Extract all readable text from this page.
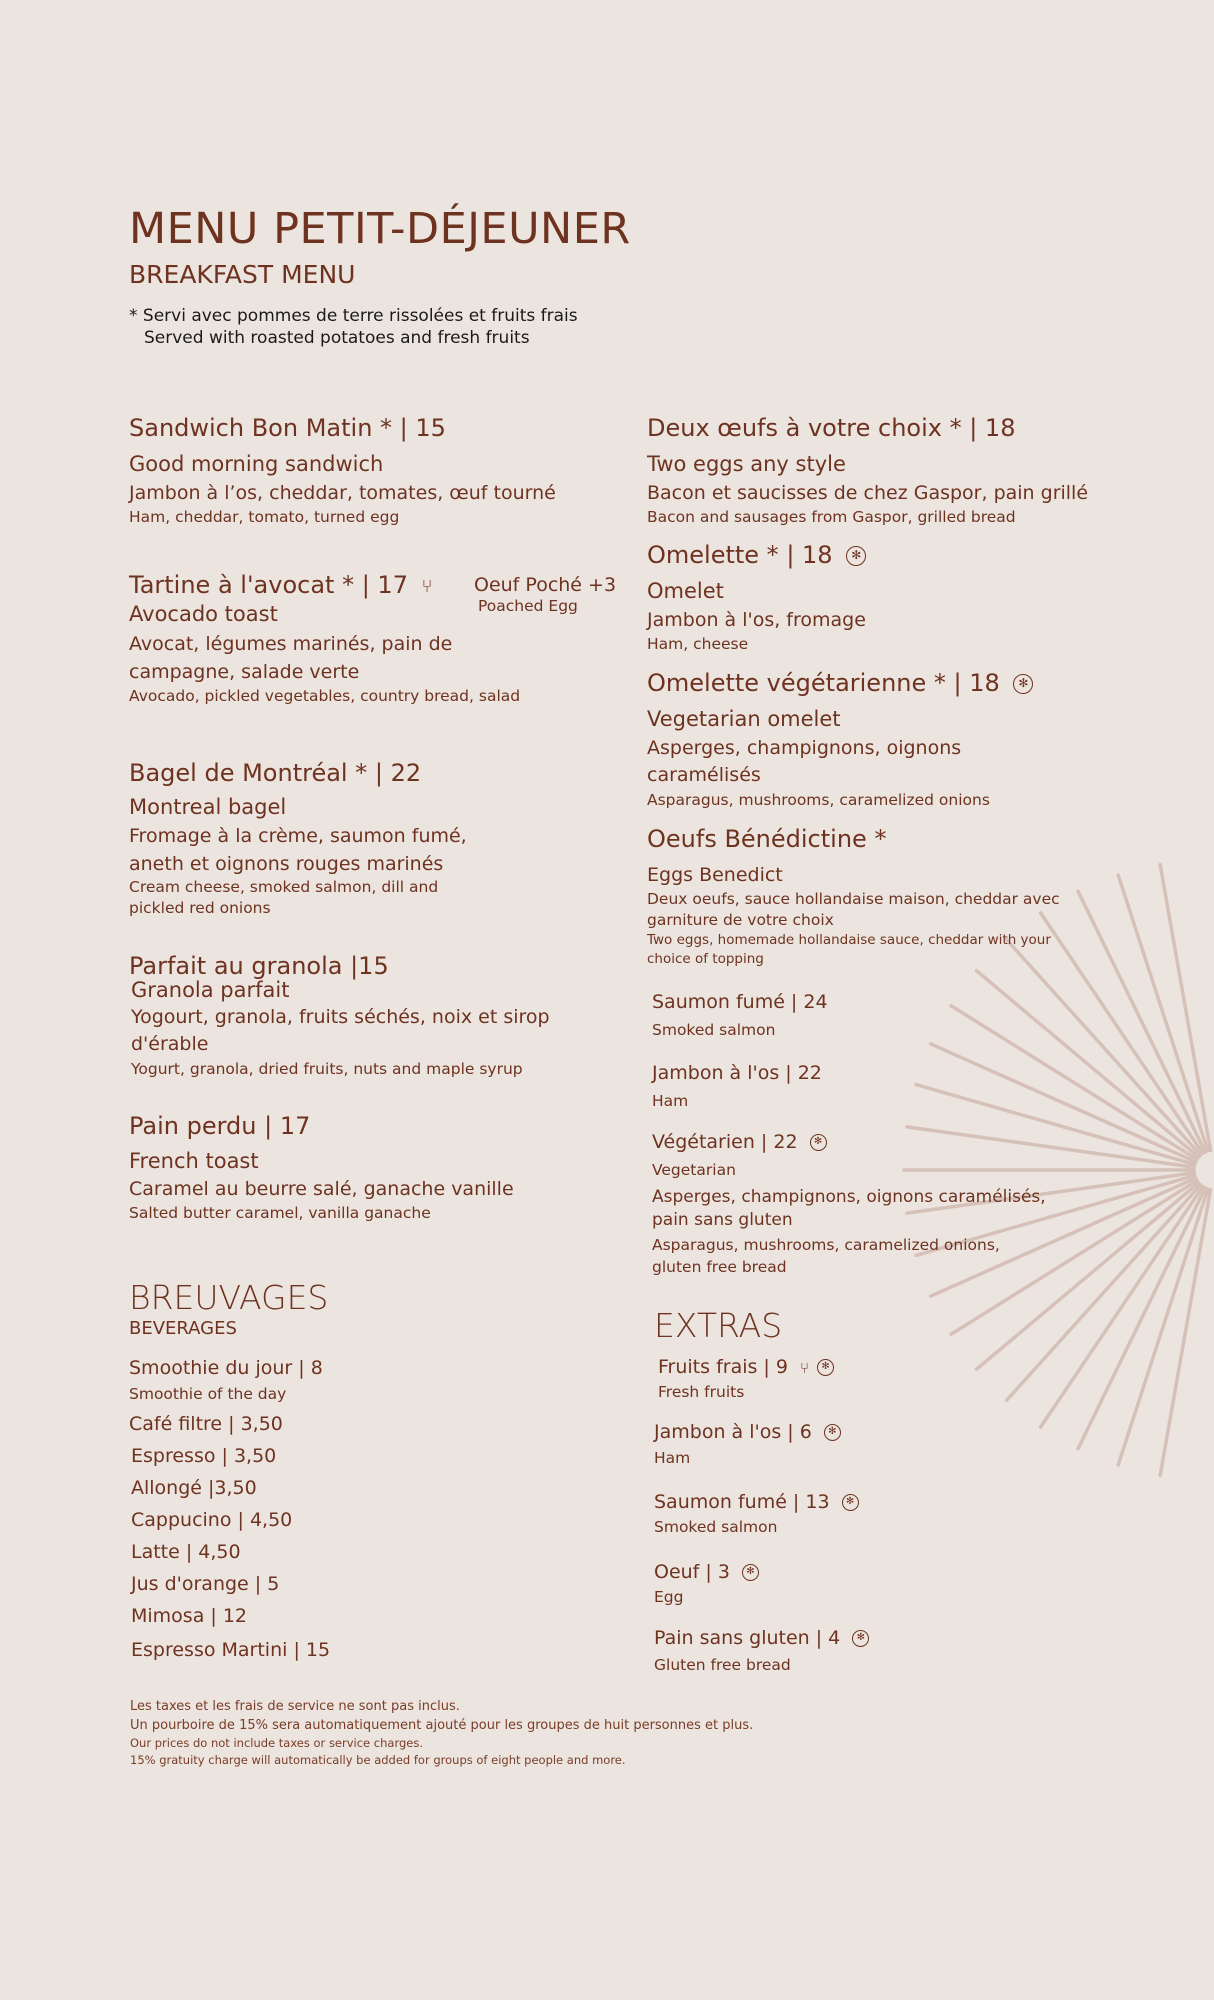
MENU PETIT-DÉJEUNER
BREAKFAST MENU
* Servi avec pommes de terre rissolées et fruits frais
Served with roasted potatoes and fresh fruits
Sandwich Bon Matin * | 15
Good morning sandwich
Jambon à l’os, cheddar, tomates, œuf tourné
Ham, cheddar, tomato, turned egg
Tartine à l'avocat * | 17 ⑂ Oeuf Poché +3
Poached Egg
Avocado toast
Avocat, légumes marinés, pain de
campagne, salade verte
Avocado, pickled vegetables, country bread, salad
Bagel de Montréal * | 22
Montreal bagel
Fromage à la crème, saumon fumé,
aneth et oignons rouges marinés
Cream cheese, smoked salmon, dill and
pickled red onions
Parfait au granola |15
Granola parfait
Yogourt, granola, fruits séchés, noix et sirop
d'érable
Yogurt, granola, dried fruits, nuts and maple syrup
Pain perdu | 17
French toast
Caramel au beurre salé, ganache vanille
Salted butter caramel, vanilla ganache
BREUVAGES
BEVERAGES
Smoothie du jour | 8
Smoothie of the day
Café filtre | 3,50
Espresso | 3,50
Allongé |3,50
Cappucino | 4,50
Latte | 4,50
Jus d'orange | 5
Mimosa | 12
Espresso Martini | 15
Deux œufs à votre choix * | 18
Two eggs any style
Bacon et saucisses de chez Gaspor, pain grillé
Bacon and sausages from Gaspor, grilled bread
Omelette * | 18 ✻
Omelet
Jambon à l'os, fromage
Ham, cheese
Omelette végétarienne * | 18 ✻
Vegetarian omelet
Asperges, champignons, oignons
caramélisés
Asparagus, mushrooms, caramelized onions
Oeufs Bénédictine *
Eggs Benedict
Deux oeufs, sauce hollandaise maison, cheddar avec
garniture de votre choix
Two eggs, homemade hollandaise sauce, cheddar with your
choice of topping
Saumon fumé | 24
Smoked salmon
Jambon à l'os | 22
Ham
Végétarien | 22 ✻
Vegetarian
Asperges, champignons, oignons caramélisés,
pain sans gluten
Asparagus, mushrooms, caramelized onions,
gluten free bread
EXTRAS
Fruits frais | 9 ⑂ ✻
Fresh fruits
Jambon à l'os | 6 ✻
Ham
Saumon fumé | 13 ✻
Smoked salmon
Oeuf | 3 ✻
Egg
Pain sans gluten | 4 ✻
Gluten free bread
Les taxes et les frais de service ne sont pas inclus.
Un pourboire de 15% sera automatiquement ajouté pour les groupes de huit personnes et plus.
Our prices do not include taxes or service charges.
15% gratuity charge will automatically be added for groups of eight people and more.
